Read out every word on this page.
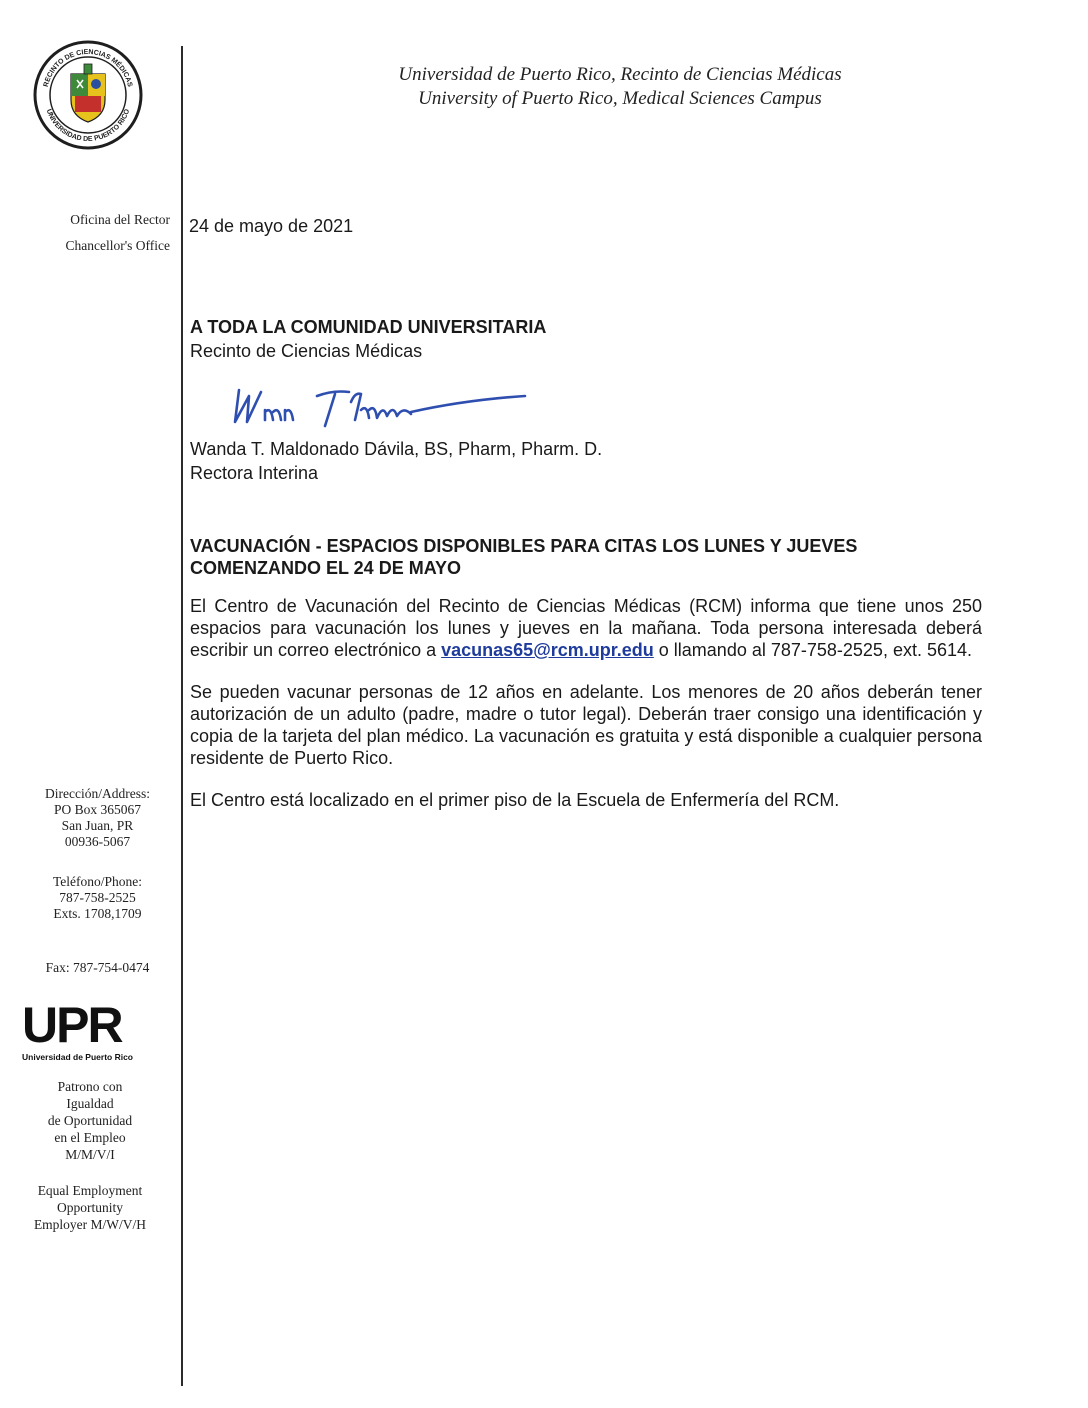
RECINTO DE CIENCIAS MÉDICAS
UNIVERSIDAD DE PUERTO RICO
Universidad de Puerto Rico, Recinto de Ciencias Médicas
University of Puerto Rico, Medical Sciences Campus
Oficina del Rector
Chancellor's Office
Dirección/Address:
PO Box 365067
San Juan, PR
00936-5067
Teléfono/Phone:
787-758-2525
Exts. 1708,1709
Fax: 787-754-0474
UPR
Universidad de Puerto Rico
Patrono con
Igualdad
de Oportunidad
en el Empleo
M/M/V/I
Equal Employment
Opportunity
Employer M/W/V/H
24 de mayo de 2021
A TODA LA COMUNIDAD UNIVERSITARIA
Recinto de Ciencias Médicas
Wanda T. Maldonado Dávila, BS, Pharm, Pharm. D.
Rectora Interina
VACUNACIÓN - ESPACIOS DISPONIBLES PARA CITAS LOS LUNES Y JUEVES COMENZANDO EL 24 DE MAYO

El Centro de Vacunación del Recinto de Ciencias Médicas (RCM) informa que tiene unos 250 espacios para vacunación los lunes y jueves en la mañana. Toda persona interesada deberá escribir un correo electrónico a vacunas65@rcm.upr.edu o llamando al 787-758-2525, ext. 5614.

Se pueden vacunar personas de 12 años en adelante. Los menores de 20 años deberán tener autorización de un adulto (padre, madre o tutor legal). Deberán traer consigo una identificación y copia de la tarjeta del plan médico. La vacunación es gratuita y está disponible a cualquier persona residente de Puerto Rico.

El Centro está localizado en el primer piso de la Escuela de Enfermería del RCM.
